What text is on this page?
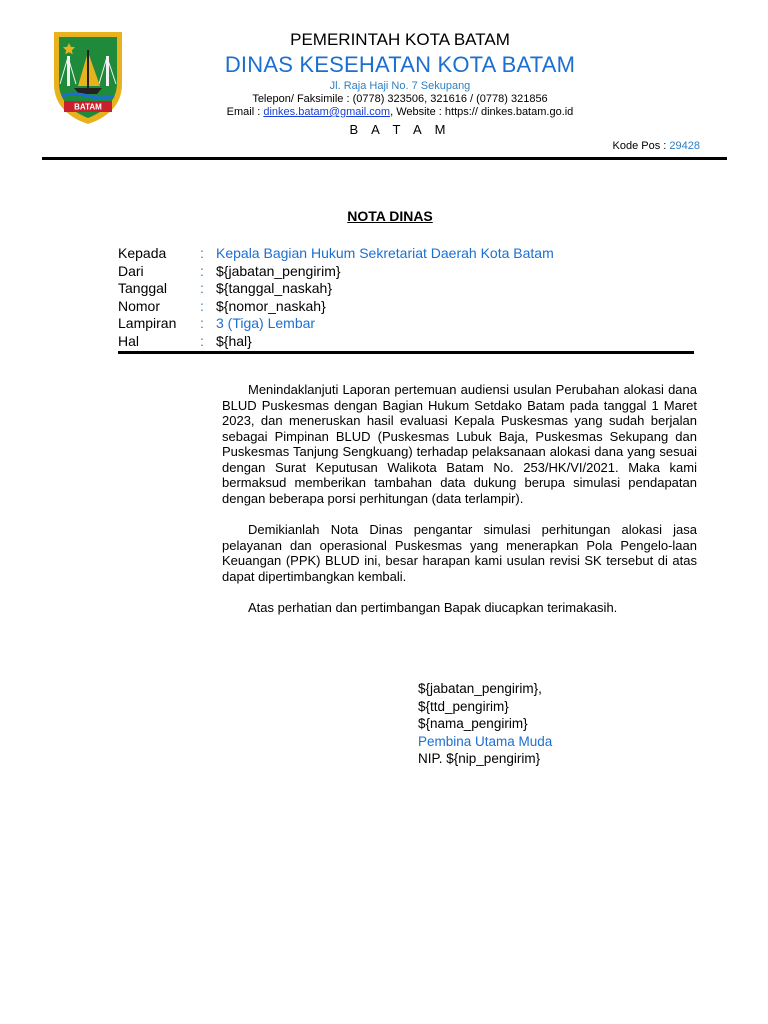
BATAM
PEMERINTAH KOTA BATAM
DINAS KESEHATAN KOTA BATAM
Jl. Raja Haji No. 7 Sekupang
Telepon/ Faksimile : (0778) 323506, 321616 / (0778) 321856
Email : dinkes.batam@gmail.com, Website : https:// dinkes.batam.go.id
B A T A M
Kode Pos : 29428
NOTA DINAS
Kepada : Kepala Bagian Hukum Sekretariat Daerah Kota Batam
Dari	: ${jabatan_pengirim}
Tanggal : ${tanggal_naskah}
Nomor	: ${nomor_naskah}
Lampiran : 3 (Tiga) Lembar
Hal	: ${hal}

Menindaklanjuti Laporan pertemuan audiensi usulan Perubahan alokasi dana BLUD Puskesmas dengan Bagian Hukum Setdako Batam pada tanggal 1 Maret 2023, dan meneruskan hasil evaluasi Kepala Puskesmas yang sudah berjalan sebagai Pimpinan BLUD (Puskesmas Lubuk Baja, Puskesmas Sekupang dan Puskesmas Tanjung Sengkuang) terhadap pelaksanaan alokasi dana yang sesuai dengan Surat Keputusan Walikota Batam No. 253/HK/VI/2021. Maka kami bermaksud memberikan tambahan data dukung berupa simulasi pendapatan dengan beberapa porsi perhitungan (data terlampir).

Demikianlah Nota Dinas pengantar simulasi perhitungan alokasi jasa pelayanan dan operasional Puskesmas yang menerapkan Pola Pengelo-laan Keuangan (PPK) BLUD ini, besar harapan kami usulan revisi SK tersebut di atas dapat dipertimbangkan kembali.

Atas perhatian dan pertimbangan Bapak diucapkan terimakasih.

${jabatan_pengirim},
${ttd_pengirim}
${nama_pengirim}
Pembina Utama Muda
NIP. ${nip_pengirim}
